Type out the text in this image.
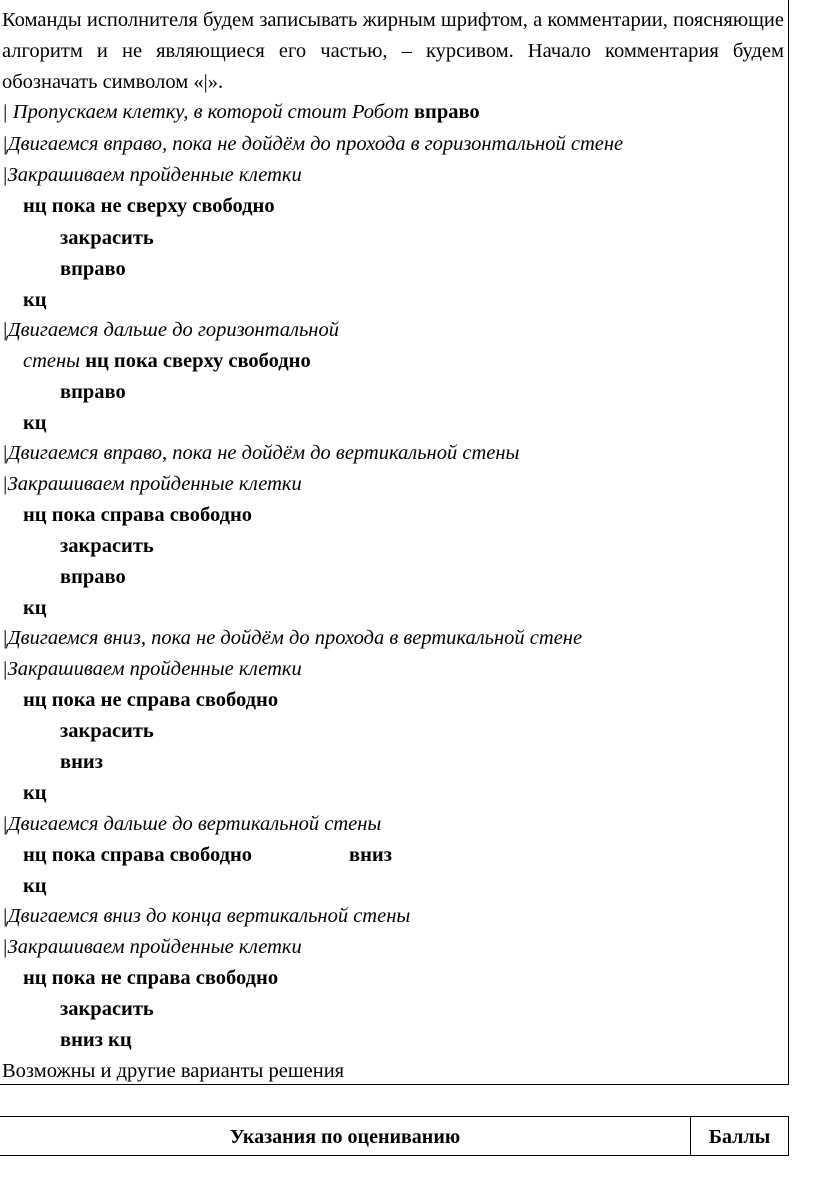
Команды исполнителя будем записывать жирным шрифтом, а комментарии, поясняющие алгоритм и не являющиеся его частью, – курсивом. Начало комментария будем обозначать символом «|».

| Пропускаем клетку, в которой стоит Робот вправо
|Двигаемся вправо, пока не дойдём до прохода в горизонтальной стене
|Закрашиваем пройденные клетки
нц пока не сверху свободно
закрасить
вправо
кц
|Двигаемся дальше до горизонтальной
стены нц пока сверху свободно
вправо
кц
|Двигаемся вправо, пока не дойдём до вертикальной стены
|Закрашиваем пройденные клетки
нц пока справа свободно
закрасить
вправо
кц
|Двигаемся вниз, пока не дойдём до прохода в вертикальной стене
|Закрашиваем пройденные клетки
нц пока не справа свободно
закрасить
вниз
кц
|Двигаемся дальше до вертикальной стены
нц пока справа свободно	вниз
кц
|Двигаемся вниз до конца вертикальной стены
|Закрашиваем пройденные клетки
нц пока не справа свободно
закрасить
вниз кц
Возможны и другие варианты решения
Указания по оцениванию	Баллы
